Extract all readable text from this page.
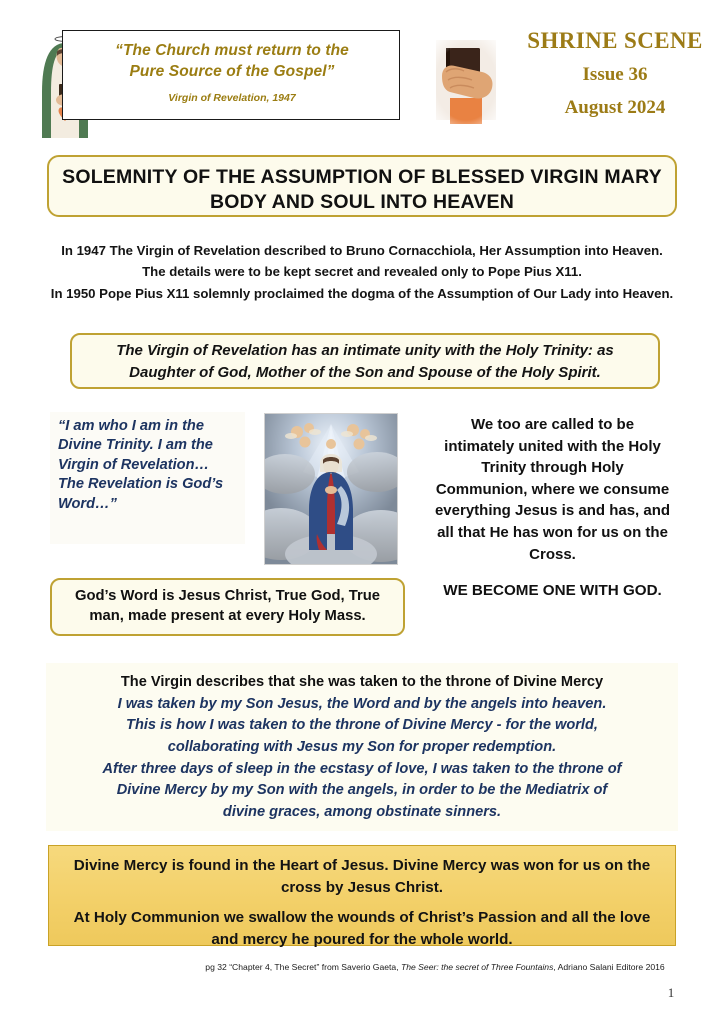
“The Church must return to the
Pure Source of the Gospel”
Virgin of Revelation, 1947
SHRINE SCENE
Issue 36
August 2024
SOLEMNITY OF THE ASSUMPTION OF BLESSED VIRGIN MARY
BODY AND SOUL INTO HEAVEN
In 1947 The Virgin of Revelation described to Bruno Cornacchiola, Her Assumption into Heaven.
The details were to be kept secret and revealed only to Pope Pius X11.
In 1950 Pope Pius X11 solemnly proclaimed the dogma of the Assumption of Our Lady into Heaven.
The Virgin of Revelation has an intimate unity with the Holy Trinity: as
Daughter of God, Mother of the Son and Spouse of the Holy Spirit.
“I am who I am in the
Divine Trinity. I am the
Virgin of Revelation…
The Revelation is God’s
Word…”
We too are called to be
intimately united with the Holy
Trinity through Holy
Communion, where we consume
everything Jesus is and has, and
all that He has won for us on the
Cross.
WE BECOME ONE WITH GOD.
God’s Word is Jesus Christ, True God, True
man, made present at every Holy Mass.
The Virgin describes that she was taken to the throne of Divine Mercy
I was taken by my Son Jesus, the Word and by the angels into heaven.
This is how I was taken to the throne of Divine Mercy - for the world,
collaborating with Jesus my Son for proper redemption.
After three days of sleep in the ecstasy of love, I was taken to the throne of
Divine Mercy by my Son with the angels, in order to be the Mediatrix of
divine graces, among obstinate sinners.
Divine Mercy is found in the Heart of Jesus. Divine Mercy was won for us on the
cross by Jesus Christ.
At Holy Communion we swallow the wounds of Christ’s Passion and all the love
and mercy he poured for the whole world.
pg 32 “Chapter 4, The Secret” from Saverio Gaeta, The Seer: the secret of Three Fountains, Adriano Salani Editore 2016
1
